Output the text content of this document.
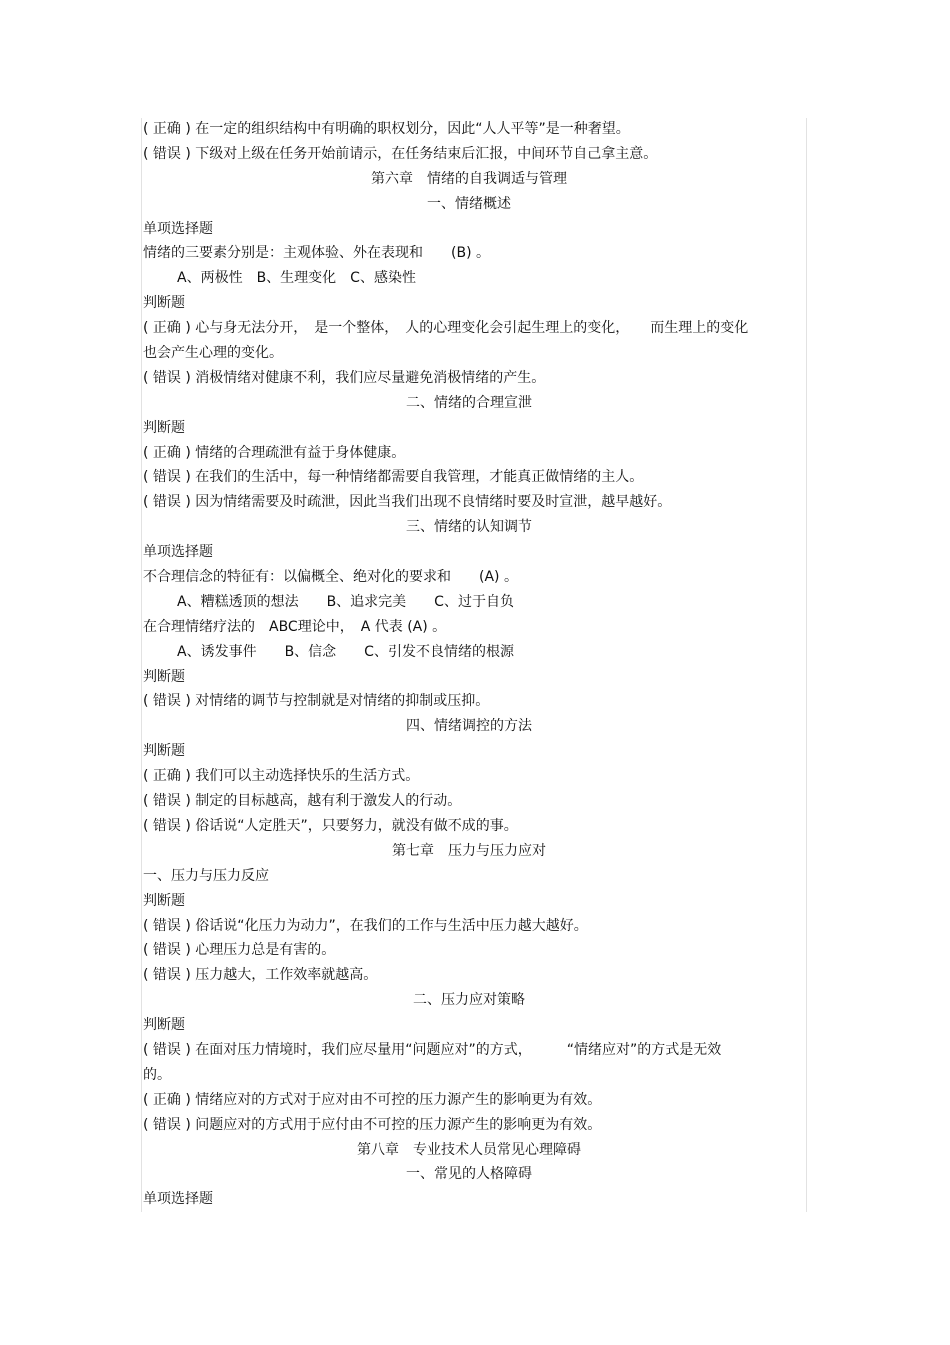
( 正确 ) 在一定的组织结构中有明确的职权划分，因此“人人平等”是一种奢望。
( 错误 ) 下级对上级在任务开始前请示，在任务结束后汇报，中间环节自己拿主意。
第六章　情绪的自我调适与管理
一、情绪概述
单项选择题
情绪的三要素分别是：主观体验、外在表现和　　(B) 。
A、两极性　B、生理变化　C、感染性
判断题
( 正确 ) 心与身无法分开，　是一个整体，　人的心理变化会引起生理上的变化，　　而生理上的变化
也会产生心理的变化。
( 错误 ) 消极情绪对健康不利，我们应尽量避免消极情绪的产生。
二、情绪的合理宣泄
判断题
( 正确 ) 情绪的合理疏泄有益于身体健康。
( 错误 ) 在我们的生活中，每一种情绪都需要自我管理，才能真正做情绪的主人。
( 错误 ) 因为情绪需要及时疏泄，因此当我们出现不良情绪时要及时宣泄，越早越好。
三、情绪的认知调节
单项选择题
不合理信念的特征有：以偏概全、绝对化的要求和　　(A) 。
A、糟糕透顶的想法　　B、追求完美　　C、过于自负
在合理情绪疗法的　ABC理论中，　A 代表 (A) 。
A、诱发事件　　B、信念　　C、引发不良情绪的根源
判断题
( 错误 ) 对情绪的调节与控制就是对情绪的抑制或压抑。
四、情绪调控的方法
判断题
( 正确 ) 我们可以主动选择快乐的生活方式。
( 错误 ) 制定的目标越高，越有利于激发人的行动。
( 错误 ) 俗话说“人定胜天”，只要努力，就没有做不成的事。
第七章　压力与压力应对
一、压力与压力反应
判断题
( 错误 ) 俗话说“化压力为动力”，在我们的工作与生活中压力越大越好。
( 错误 ) 心理压力总是有害的。
( 错误 ) 压力越大，工作效率就越高。
二、压力应对策略
判断题
( 错误 ) 在面对压力情境时，我们应尽量用“问题应对”的方式，　　　“情绪应对”的方式是无效
的。
( 正确 ) 情绪应对的方式对于应对由不可控的压力源产生的影响更为有效。
( 错误 ) 问题应对的方式用于应付由不可控的压力源产生的影响更为有效。
第八章　专业技术人员常见心理障碍
一、常见的人格障碍
单项选择题
